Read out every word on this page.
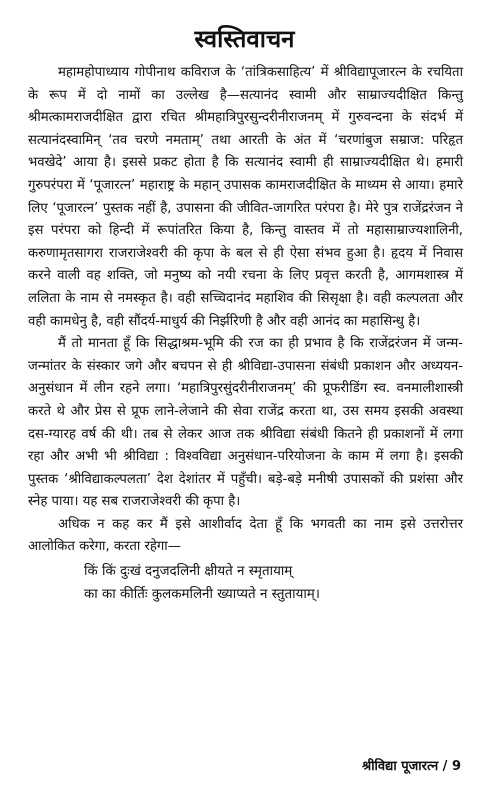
स्वस्तिवाचन

महामहोपाध्याय गोपीनाथ कविराज के ‘तांत्रिकसाहित्य’ में श्रीविद्यापूजारत्न के रचयिता के रूप में दो नामों का उल्लेख है—सत्यानंद स्वामी और साम्राज्यदीक्षित किन्तु श्रीमत्कामराजदीक्षित द्वारा रचित श्रीमहात्रिपुरसुन्दरीनीराजनम् में गुरुवन्दना के संदर्भ में सत्यानंदस्वामिन् ‘तव चरणे नमताम्’ तथा आरती के अंत में ‘चरणांबुज सम्राज: परिहृत भवखेदे’ आया है। इससे प्रकट होता है कि सत्यानंद स्वामी ही साम्राज्यदीक्षित थे। हमारी गुरुपरंपरा में ‘पूजारत्न’ महाराष्ट्र के महान् उपासक कामराजदीक्षित के माध्यम से आया। हमारे लिए ‘पूजारत्न’ पुस्तक नहीं है, उपासना की जीवित-जागरित परंपरा है। मेरे पुत्र राजेंद्ररंजन ने इस परंपरा को हिन्दी में रूपांतरित किया है, किन्तु वास्तव में तो महासाम्राज्यशालिनी, करुणामृतसागरा राजराजेश्वरी की कृपा के बल से ही ऐसा संभव हुआ है। हृदय में निवास करने वाली वह शक्ति, जो मनुष्य को नयी रचना के लिए प्रवृत्त करती है, आगमशास्त्र में ललिता के नाम से नमस्कृत है। वही सच्चिदानंद महाशिव की सिसृक्षा है। वही कल्पलता और वही कामधेनु है, वही सौंदर्य-माधुर्य की निर्झरिणी है और वही आनंद का महासिन्धु है।

मैं तो मानता हूँ कि सिद्धाश्रम-भूमि की रज का ही प्रभाव है कि राजेंद्ररंजन में जन्म-जन्मांतर के संस्कार जगे और बचपन से ही श्रीविद्या-उपासना संबंधी प्रकाशन और अध्ययन-अनुसंधान में लीन रहने लगा। ‘महात्रिपुरसुंदरीनीराजनम्’ की प्रूफरीडिंग स्व. वनमालीशास्त्री करते थे और प्रेस से प्रूफ लाने-लेजाने की सेवा राजेंद्र करता था, उस समय इसकी अवस्था दस-ग्यारह वर्ष की थी। तब से लेकर आज तक श्रीविद्या संबंधी कितने ही प्रकाशनों में लगा रहा और अभी भी श्रीविद्या : विश्वविद्या अनुसंधान-परियोजना के काम में लगा है। इसकी पुस्तक ‘श्रीविद्याकल्पलता’ देश देशांतर में पहुँची। बड़े-बड़े मनीषी उपासकों की प्रशंसा और स्नेह पाया। यह सब राजराजेश्वरी की कृपा है।

अधिक न कह कर मैं इसे आशीर्वाद देता हूँ कि भगवती का नाम इसे उत्तरोत्तर आलोकित करेगा, करता रहेगा—

किं किं दुःखं दनुजदलिनी क्षीयते न स्मृतायाम्
का का कीर्तिः कुलकमलिनी ख्याप्यते न स्तुतायाम्।
श्रीविद्या पूजारत्न / 9
